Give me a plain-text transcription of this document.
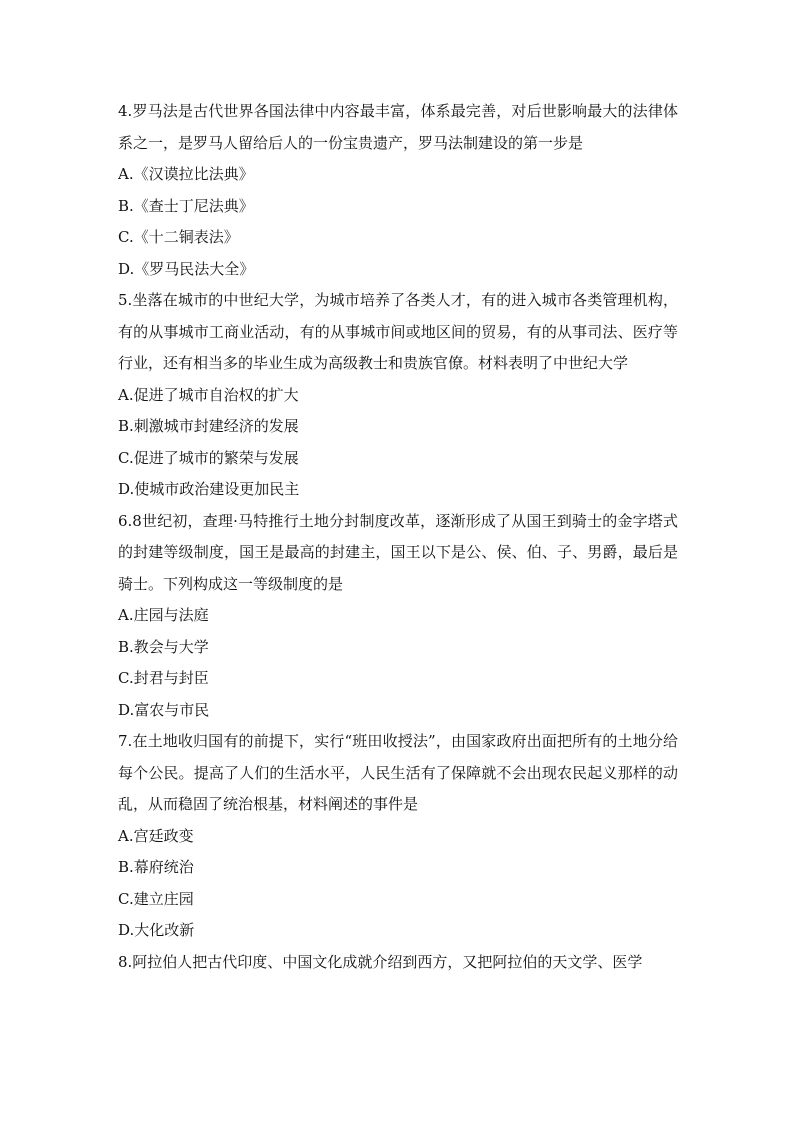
4.罗马法是古代世界各国法律中内容最丰富，体系最完善，对后世影响最大的法律体系之一，是罗马人留给后人的一份宝贵遗产，罗马法制建设的第一步是

A.《汉谟拉比法典》

B.《查士丁尼法典》

C.《十二铜表法》

D.《罗马民法大全》

5.坐落在城市的中世纪大学，为城市培养了各类人才，有的进入城市各类管理机构，有的从事城市工商业活动，有的从事城市间或地区间的贸易，有的从事司法、医疗等行业，还有相当多的毕业生成为高级教士和贵族官僚。材料表明了中世纪大学

A.促进了城市自治权的扩大

B.刺激城市封建经济的发展

C.促进了城市的繁荣与发展

D.使城市政治建设更加民主

6.8世纪初，查理·马特推行土地分封制度改革，逐渐形成了从国王到骑士的金字塔式的封建等级制度，国王是最高的封建主，国王以下是公、侯、伯、子、男爵，最后是骑士。下列构成这一等级制度的是

A.庄园与法庭

B.教会与大学

C.封君与封臣

D.富农与市民

7.在土地收归国有的前提下，实行“班田收授法”，由国家政府出面把所有的土地分给每个公民。提高了人们的生活水平，人民生活有了保障就不会出现农民起义那样的动乱，从而稳固了统治根基，材料阐述的事件是

A.宫廷政变

B.幕府统治

C.建立庄园

D.大化改新

8.阿拉伯人把古代印度、中国文化成就介绍到西方，又把阿拉伯的天文学、医学
